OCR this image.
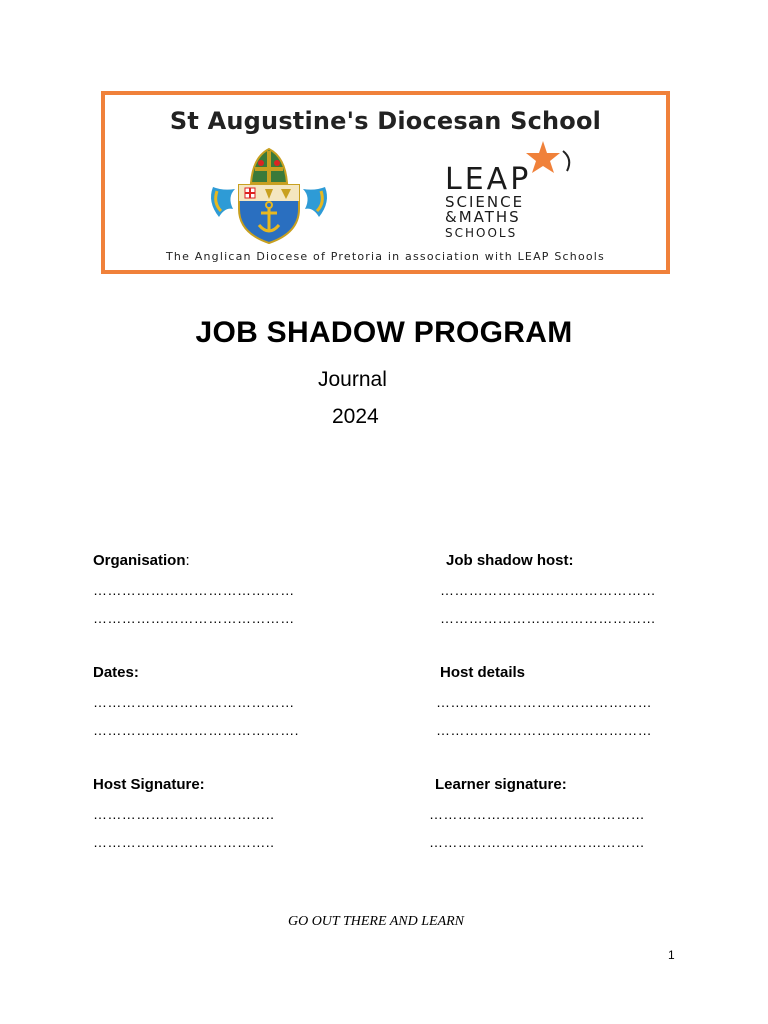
St Augustine's Diocesan School
LEAP
SCIENCE
&MATHS
SCHOOLS
The Anglican Diocese of Pretoria in association with LEAP Schools
JOB SHADOW PROGRAM
Journal
2024
Organisation:	Job shadow host:
……………………………………	………………………………………
……………………………………	………………………………………
Dates:	Host details
……………………………………	………………………………………
…………………………………….	………………………………………
Host Signature:	Learner signature:
………………………………..	………………………………………
………………………………..	………………………………………
GO OUT THERE AND LEARN
1
